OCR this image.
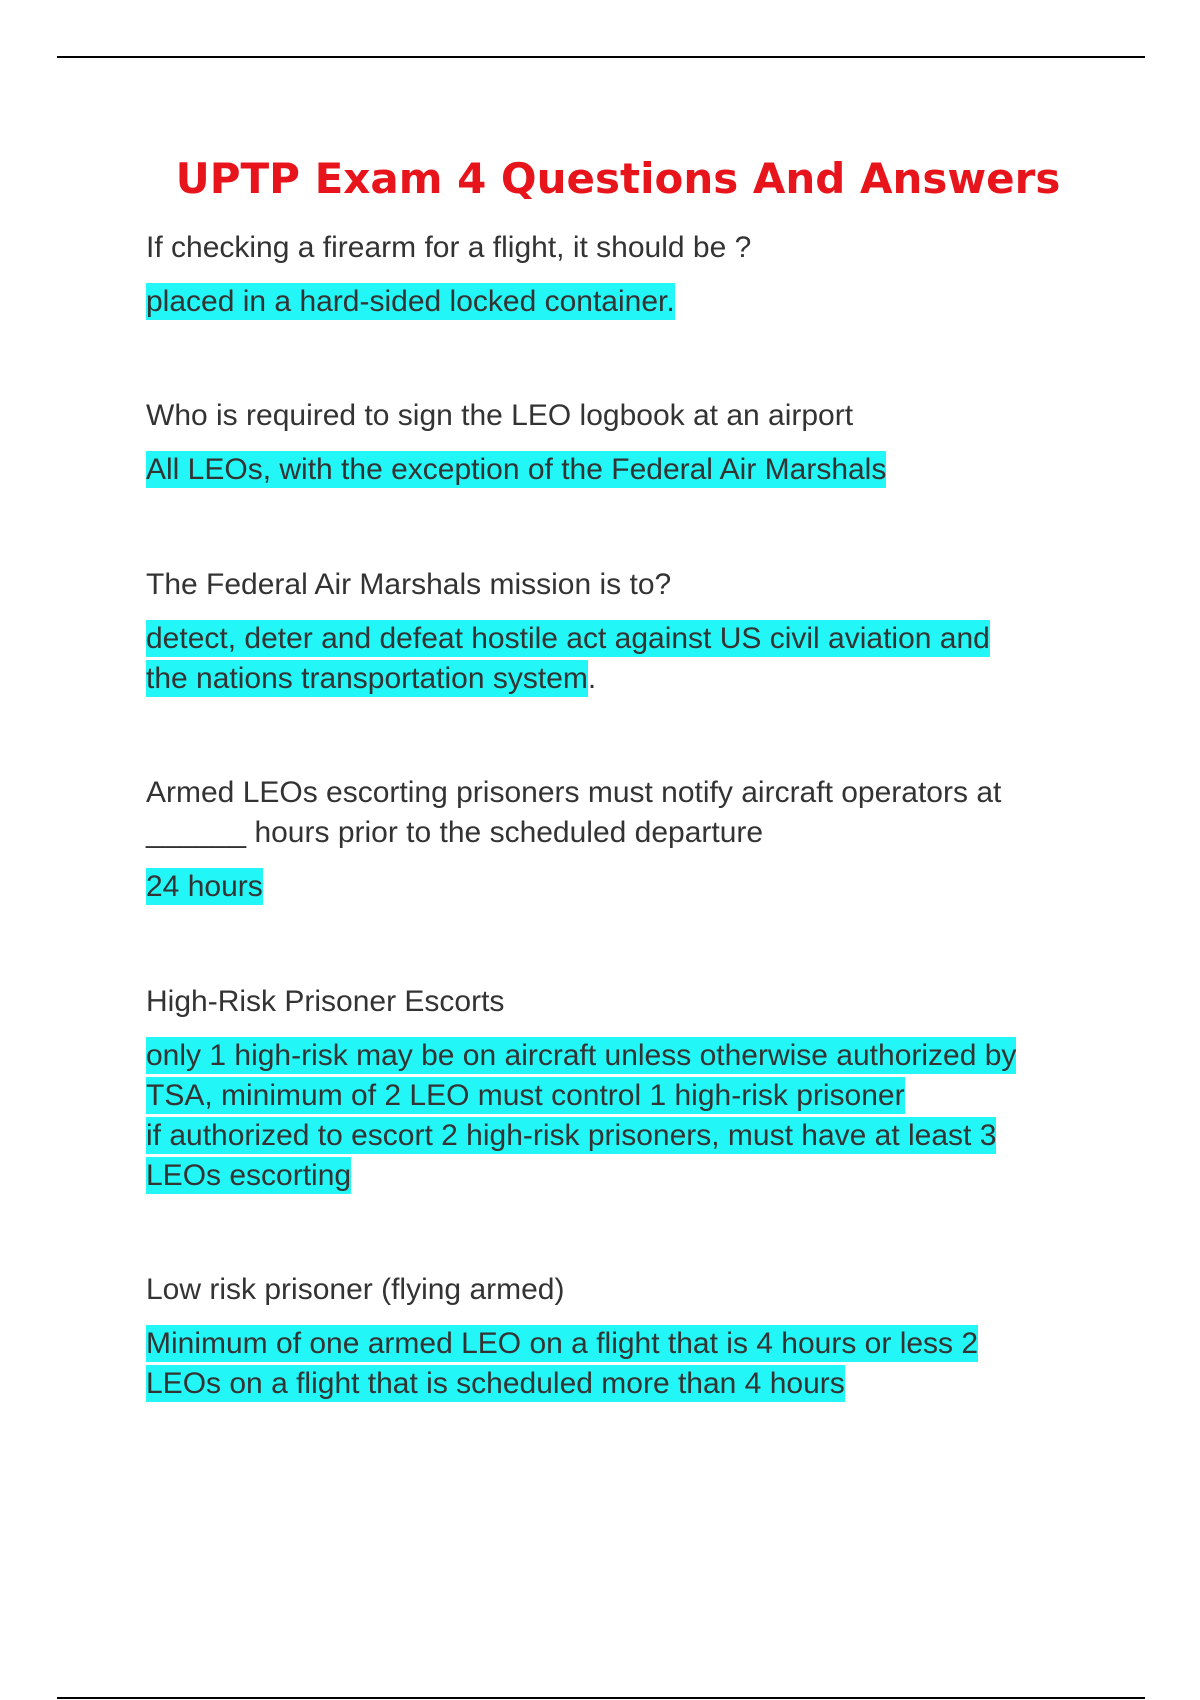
UPTP Exam 4 Questions And Answers

If checking a firearm for a flight, it should be ?

placed in a hard-sided locked container.

Who is required to sign the LEO logbook at an airport

All LEOs, with the exception of the Federal Air Marshals

The Federal Air Marshals mission is to?

detect, deter and defeat hostile act against US civil aviation and
the nations transportation system.

Armed LEOs escorting prisoners must notify aircraft operators at
______ hours prior to the scheduled departure

24 hours

High-Risk Prisoner Escorts

only 1 high-risk may be on aircraft unless otherwise authorized by
TSA, minimum of 2 LEO must control 1 high-risk prisoner
if authorized to escort 2 high-risk prisoners, must have at least 3
LEOs escorting

Low risk prisoner (flying armed)

Minimum of one armed LEO on a flight that is 4 hours or less 2
LEOs on a flight that is scheduled more than 4 hours
